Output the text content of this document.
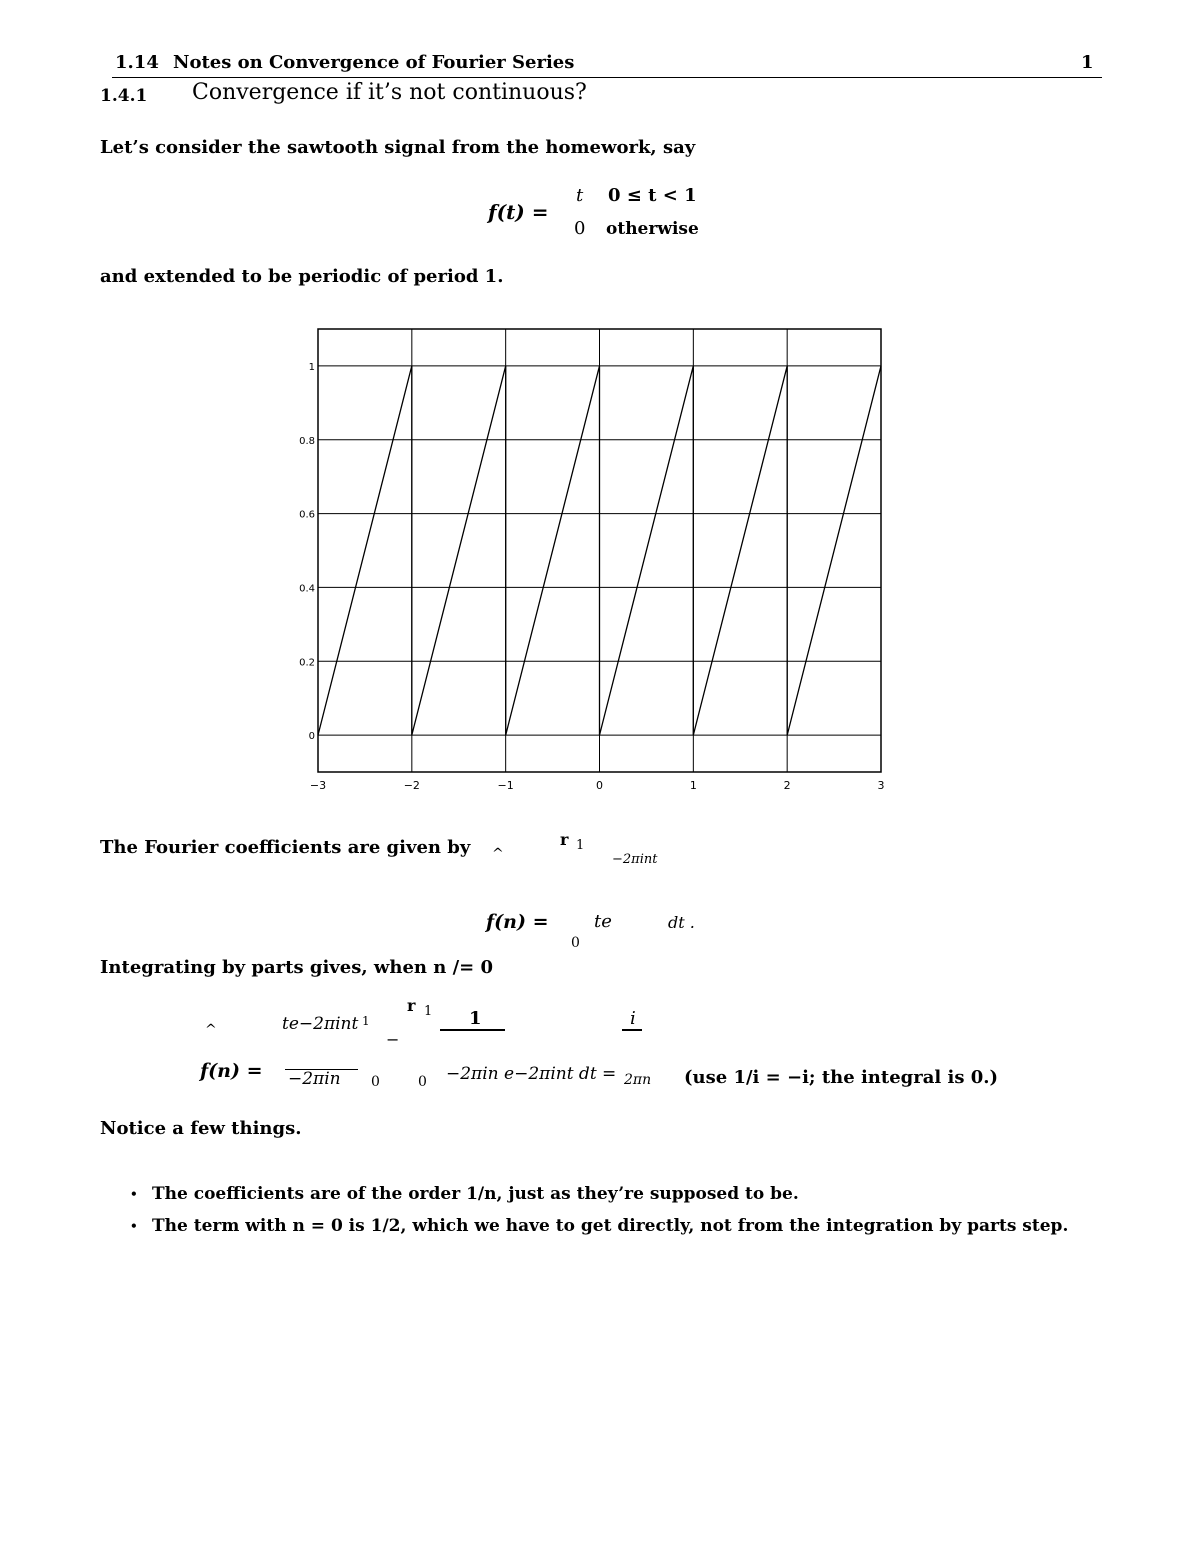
1.14 Notes on Convergence of Fourier Series	1
1.4.1 Convergence if it’s not continuous?
Let’s consider the sawtooth signal from the homework, say
f(t) =
t 0 ≤ t < 1
0 otherwise
and extended to be periodic of period 1.
0
0.2
0.4
0.6
0.8
1
−3	−2	−1	0	1	2	3
The Fourier coefficients are given by ^
r 1
−2πint
f(n) =	te	dt .
0
Integrating by parts gives, when n /= 0
^	te−2πint 1
−
r 1 1	i
f(n) = −2πin 0	0 −2πin e−2πint dt = 2πn (use 1/i = −i; the integral is 0.)
Notice a few things.
• The coefficients are of the order 1/n, just as they’re supposed to be.
• The term with n = 0 is 1/2, which we have to get directly, not from the integration by parts step.
